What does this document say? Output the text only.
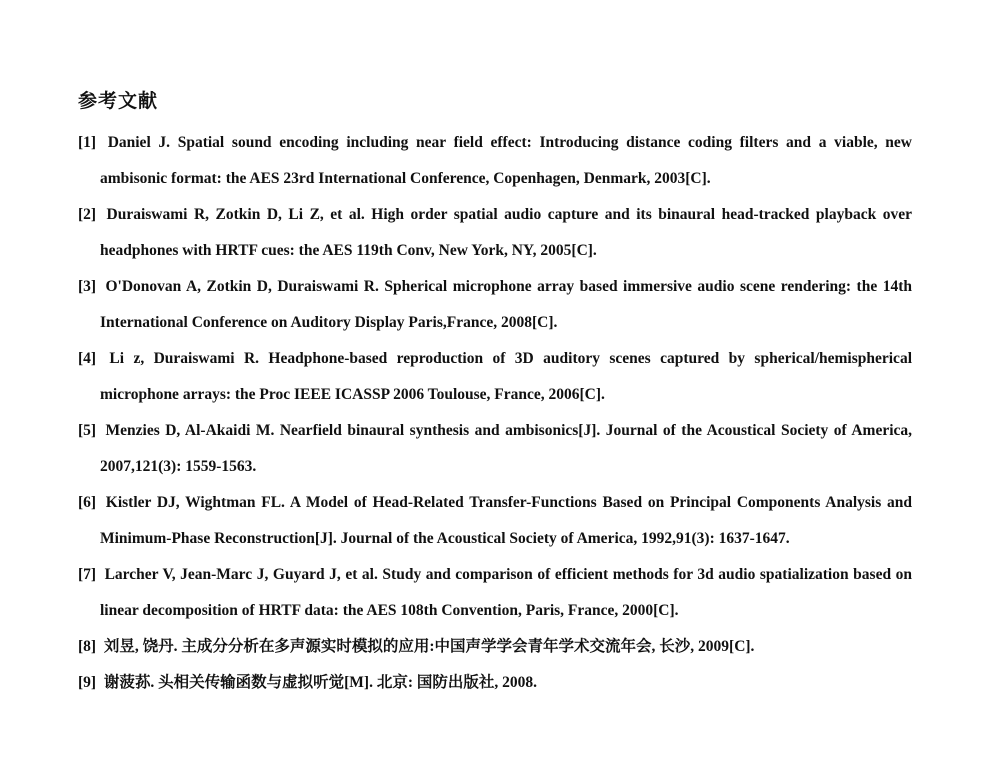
参考文献
[1] Daniel J. Spatial sound encoding including near field effect: Introducing distance coding filters and a viable, new ambisonic format: the AES 23rd International Conference, Copenhagen, Denmark, 2003[C].
[2] Duraiswami R, Zotkin D, Li Z, et al. High order spatial audio capture and its binaural head-tracked playback over headphones with HRTF cues: the AES 119th Conv, New York, NY, 2005[C].
[3] O'Donovan A, Zotkin D, Duraiswami R. Spherical microphone array based immersive audio scene rendering: the 14th International Conference on Auditory Display Paris,France, 2008[C].
[4] Li z, Duraiswami R. Headphone-based reproduction of 3D auditory scenes captured by spherical/hemispherical microphone arrays: the Proc IEEE ICASSP 2006 Toulouse, France, 2006[C].
[5] Menzies D, Al-Akaidi M. Nearfield binaural synthesis and ambisonics[J]. Journal of the Acoustical Society of America, 2007,121(3): 1559-1563.
[6] Kistler DJ, Wightman FL. A Model of Head-Related Transfer-Functions Based on Principal Components Analysis and Minimum-Phase Reconstruction[J]. Journal of the Acoustical Society of America, 1992,91(3): 1637-1647.
[7] Larcher V, Jean-Marc J, Guyard J, et al. Study and comparison of efficient methods for 3d audio spatialization based on linear decomposition of HRTF data: the AES 108th Convention, Paris, France, 2000[C].
[8] 刘昱, 饶丹. 主成分分析在多声源实时模拟的应用:中国声学学会青年学术交流年会, 长沙, 2009[C].
[9] 谢菠荪. 头相关传输函数与虚拟听觉[M]. 北京: 国防出版社, 2008.
